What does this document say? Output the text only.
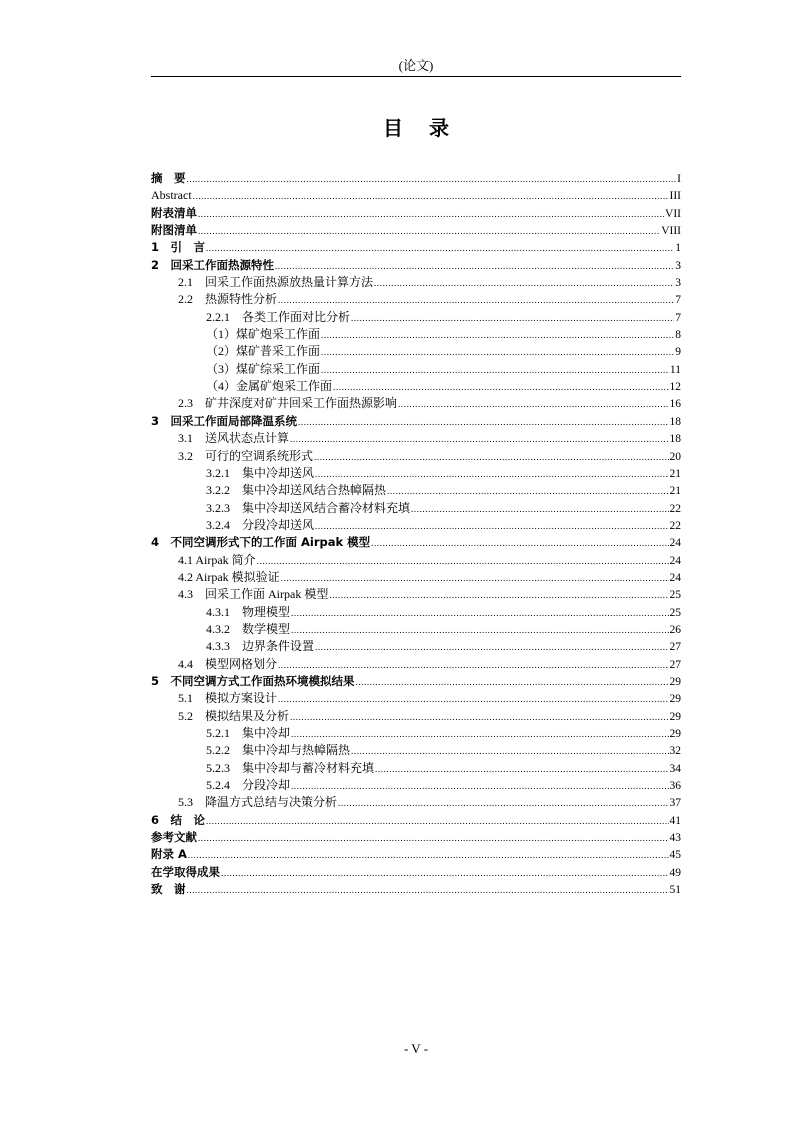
(论文)
目录
摘　要 .....	I
Abstract .....	III
附表清单 .....	VII
附图清单 .....	VIII
1　引　言 .....	1
2　回采工作面热源特性 .....	3
2.1　回采工作面热源放热量计算方法 .....	3
2.2　热源特性分析 .....	7
2.2.1　各类工作面对比分析 .....	7
（1）煤矿炮采工作面 .....	8
（2）煤矿普采工作面 .....	9
（3）煤矿综采工作面 .....	11
（4）金属矿炮采工作面 .....	12
2.3　矿井深度对矿井回采工作面热源影响 .....	16
3　回采工作面局部降温系统 .....	18
3.1　送风状态点计算 .....	18
3.2　可行的空调系统形式 .....	20
3.2.1　集中冷却送风 .....	21
3.2.2　集中冷却送风结合热幛隔热 .....	21
3.2.3　集中冷却送风结合蓄冷材料充填 .....	22
3.2.4　分段冷却送风 .....	22
4　不同空调形式下的工作面 Airpak 模型 .....	24
4.1 Airpak 简介 .....	24
4.2 Airpak 模拟验证 .....	24
4.3　回采工作面 Airpak 模型 .....	25
4.3.1　物理模型 .....	25
4.3.2　数学模型 .....	26
4.3.3　边界条件设置 .....	27
4.4　模型网格划分 .....	27
5　不同空调方式工作面热环境模拟结果 .....	29
5.1　模拟方案设计 .....	29
5.2　模拟结果及分析 .....	29
5.2.1　集中冷却 .....	29
5.2.2　集中冷却与热幛隔热 .....	32
5.2.3　集中冷却与蓄冷材料充填 .....	34
5.2.4　分段冷却 .....	36
5.3　降温方式总结与决策分析 .....	37
6　结　论 .....	41
参考文献 .....	43
附录 A .....	45
在学取得成果 .....	49
致　谢 .....	51
- V -
